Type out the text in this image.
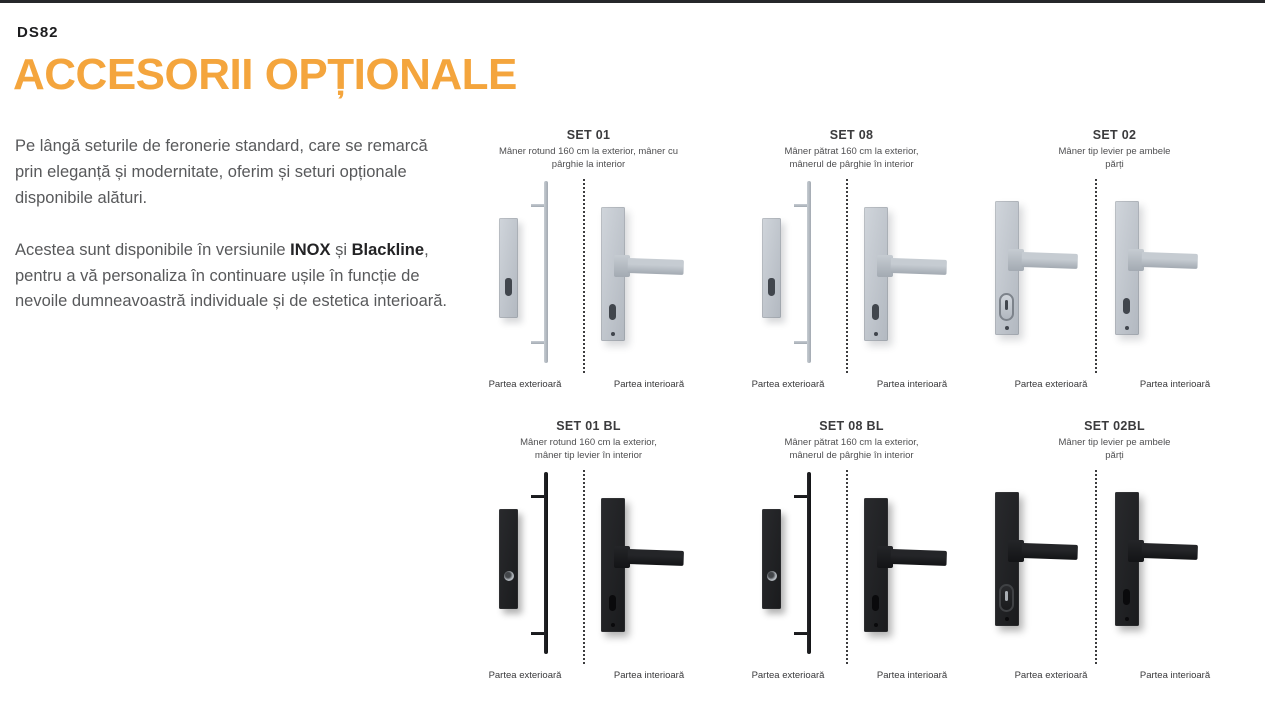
DS82
ACCESORII OPȚIONALE

Pe lângă seturile de feronerie standard, care se remarcă prin eleganță și modernitate, oferim și seturi opționale disponibile alături.

Acestea sunt disponibile în versiunile INOX și Blackline, pentru a vă personaliza în continuare ușile în funcție de nevoile dumneavoastră individuale și de estetica interioară.

SET 01
Mâner rotund 160 cm la exterior, mâner cu
pârghie la interior
Partea exterioară	Partea interioară
SET 08
Mâner pătrat 160 cm la exterior,
mânerul de pârghie în interior
Partea exterioară	Partea interioară
SET 02
Mâner tip levier pe ambele
părți
Partea exterioară	Partea interioară
SET 01 BL
Mâner rotund 160 cm la exterior,
mâner tip levier în interior
Partea exterioară	Partea interioară
SET 08 BL
Mâner pătrat 160 cm la exterior,
mânerul de pârghie în interior
Partea exterioară	Partea interioară
SET 02BL
Mâner tip levier pe ambele
părți
Partea exterioară	Partea interioară
